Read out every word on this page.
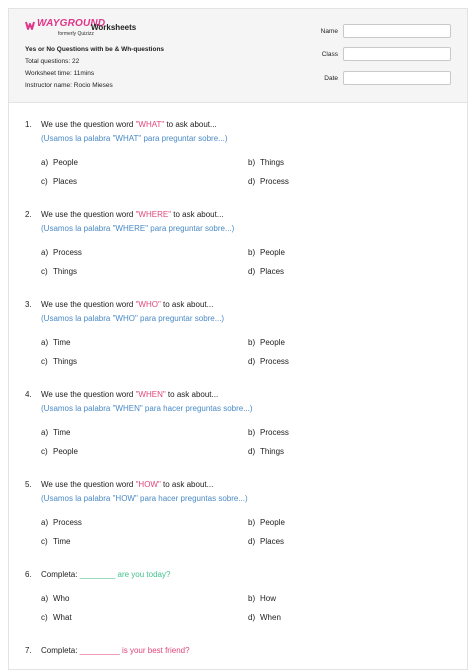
WAYGROUND
formerly Quizizz
Worksheets
Yes or No Questions with be & Wh-questions
Total questions: 22
Worksheet time: 11mins
Instructor name: Rocio Mieses
Name
Class
Date
1. We use the question word "WHAT" to ask about...
(Usamos la palabra "WHAT" para preguntar sobre...)
a) People	b) Things
c) Places	d) Process
2. We use the question word "WHERE" to ask about...
(Usamos la palabra "WHERE" para preguntar sobre...)
a) Process	b) People
c) Things	d) Places
3. We use the question word "WHO" to ask about...
(Usamos la palabra "WHO" para preguntar sobre...)
a) Time	b) People
c) Things	d) Process
4. We use the question word "WHEN" to ask about...
(Usamos la palabra "WHEN" para hacer preguntas sobre...)
a) Time	b) Process
c) People	d) Things
5. We use the question word "HOW" to ask about...
(Usamos la palabra "HOW" para hacer preguntas sobre...)
a) Process	b) People
c) Time	d) Places
6. Completa: ________ are you today?
a) Who	b) How
c) What	d) When
7. Completa: _________ is your best friend?
